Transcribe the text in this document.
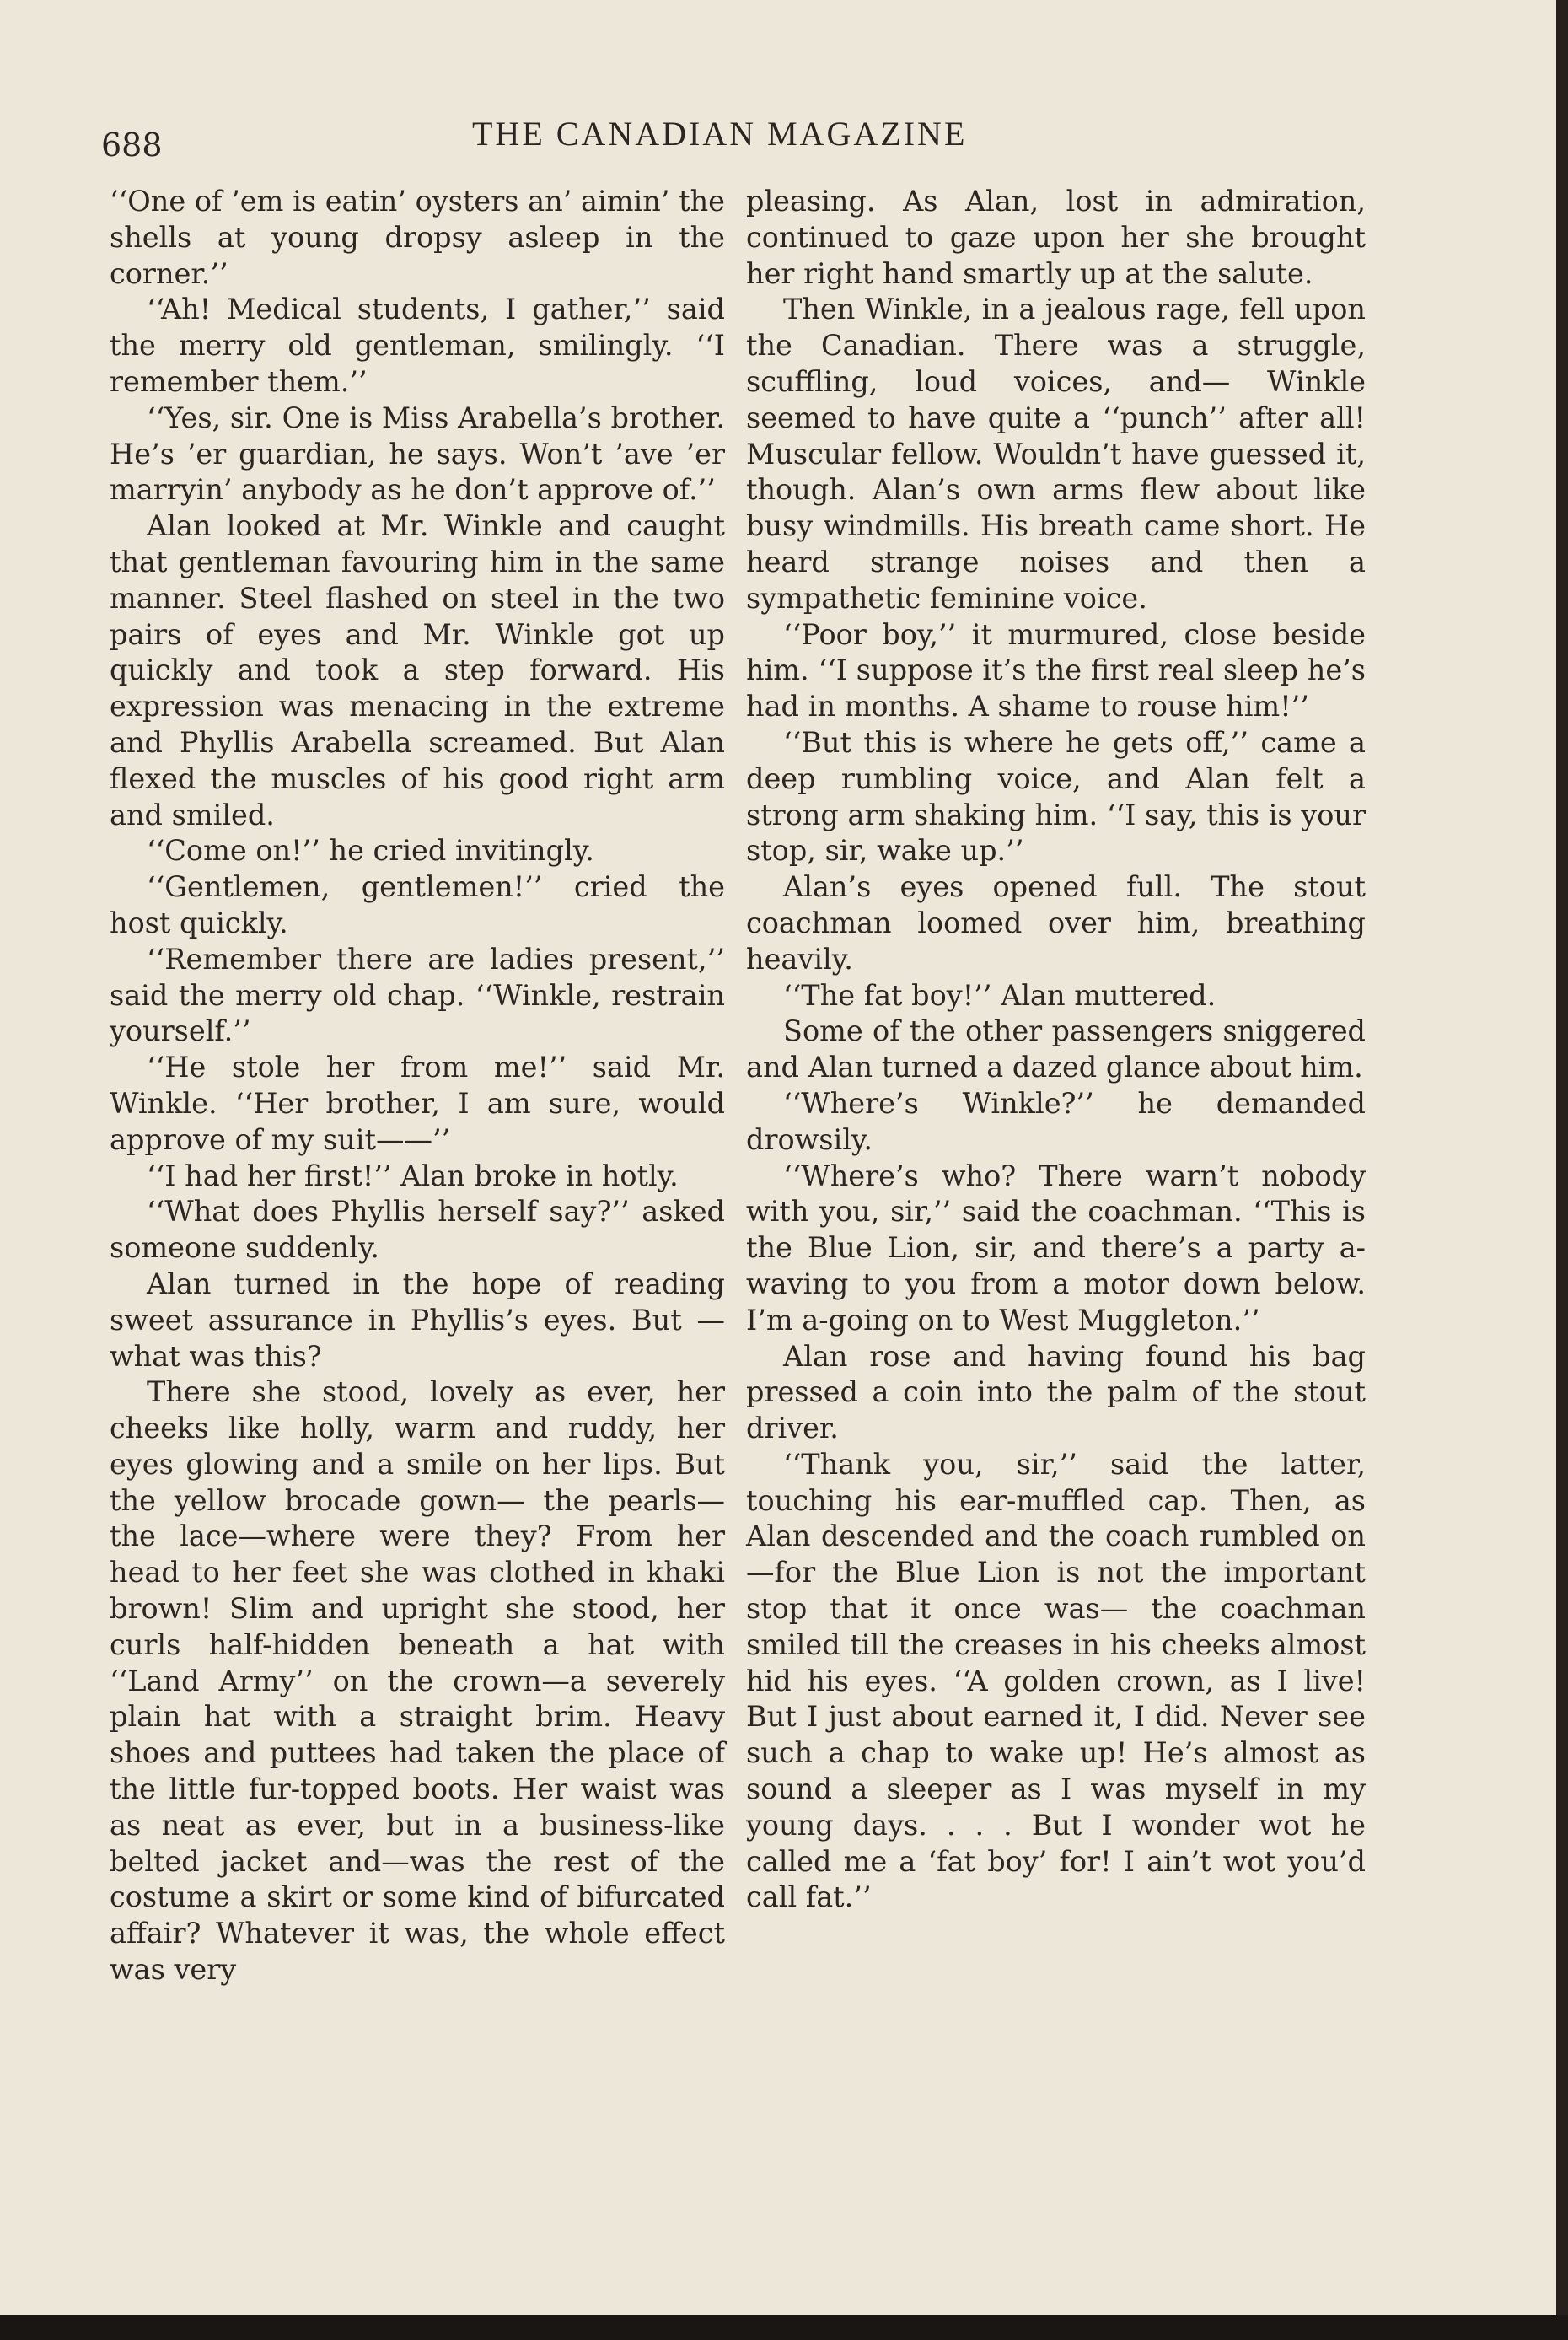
688	THE CANADIAN MAGAZINE

‘‘One of ’em is eatin’ oysters an’ aimin’ the shells at young dropsy asleep in the corner.’’

‘‘Ah! Medical students, I gather,’’ said the merry old gentleman, smilingly. ‘‘I remember them.’’

‘‘Yes, sir. One is Miss Arabella’s brother. He’s ’er guardian, he says. Won’t ’ave ’er marryin’ anybody as he don’t approve of.’’

Alan looked at Mr. Winkle and caught that gentleman favouring him in the same manner. Steel flashed on steel in the two pairs of eyes and Mr. Winkle got up quickly and took a step forward. His expression was menacing in the extreme and Phyllis Arabella screamed. But Alan flexed the muscles of his good right arm and smiled.

‘‘Come on!’’ he cried invitingly.

‘‘Gentlemen, gentlemen!’’ cried the host quickly.

‘‘Remember there are ladies present,’’ said the merry old chap. ‘‘Winkle, restrain yourself.’’

‘‘He stole her from me!’’ said Mr. Winkle. ‘‘Her brother, I am sure, would approve of my suit——’’

‘‘I had her first!’’ Alan broke in hotly.

‘‘What does Phyllis herself say?’’ asked someone suddenly.

Alan turned in the hope of reading sweet assurance in Phyllis’s eyes. But —what was this?

There she stood, lovely as ever, her cheeks like holly, warm and ruddy, her eyes glowing and a smile on her lips. But the yellow brocade gown— the pearls— the lace—where were they? From her head to her feet she was clothed in khaki brown! Slim and upright she stood, her curls half-hidden beneath a hat with ‘‘Land Army’’ on the crown—a severely plain hat with a straight brim. Heavy shoes and puttees had taken the place of the little fur-topped boots. Her waist was as neat as ever, but in a business-like belted jacket and—was the rest of the costume a skirt or some kind of bifurcated affair? Whatever it was, the whole effect was very

pleasing. As Alan, lost in admiration, continued to gaze upon her she brought her right hand smartly up at the salute.

Then Winkle, in a jealous rage, fell upon the Canadian. There was a struggle, scuffling, loud voices, and— Winkle seemed to have quite a ‘‘punch’’ after all! Muscular fellow. Wouldn’t have guessed it, though. Alan’s own arms flew about like busy windmills. His breath came short. He heard strange noises and then a sympathetic feminine voice.

‘‘Poor boy,’’ it murmured, close beside him. ‘‘I suppose it’s the first real sleep he’s had in months. A shame to rouse him!’’

‘‘But this is where he gets off,’’ came a deep rumbling voice, and Alan felt a strong arm shaking him. ‘‘I say, this is your stop, sir, wake up.’’

Alan’s eyes opened full. The stout coachman loomed over him, breathing heavily.

‘‘The fat boy!’’ Alan muttered.

Some of the other passengers sniggered and Alan turned a dazed glance about him.

‘‘Where’s Winkle?’’ he demanded drowsily.

‘‘Where’s who? There warn’t nobody with you, sir,’’ said the coachman. ‘‘This is the Blue Lion, sir, and there’s a party a-waving to you from a motor down below. I’m a-going on to West Muggleton.’’

Alan rose and having found his bag pressed a coin into the palm of the stout driver.

‘‘Thank you, sir,’’ said the latter, touching his ear-muffled cap. Then, as Alan descended and the coach rumbled on—for the Blue Lion is not the important stop that it once was— the coachman smiled till the creases in his cheeks almost hid his eyes. ‘‘A golden crown, as I live! But I just about earned it, I did. Never see such a chap to wake up! He’s almost as sound a sleeper as I was myself in my young days. . . . But I wonder wot he called me a ‘fat boy’ for! I ain’t wot you’d call fat.’’
